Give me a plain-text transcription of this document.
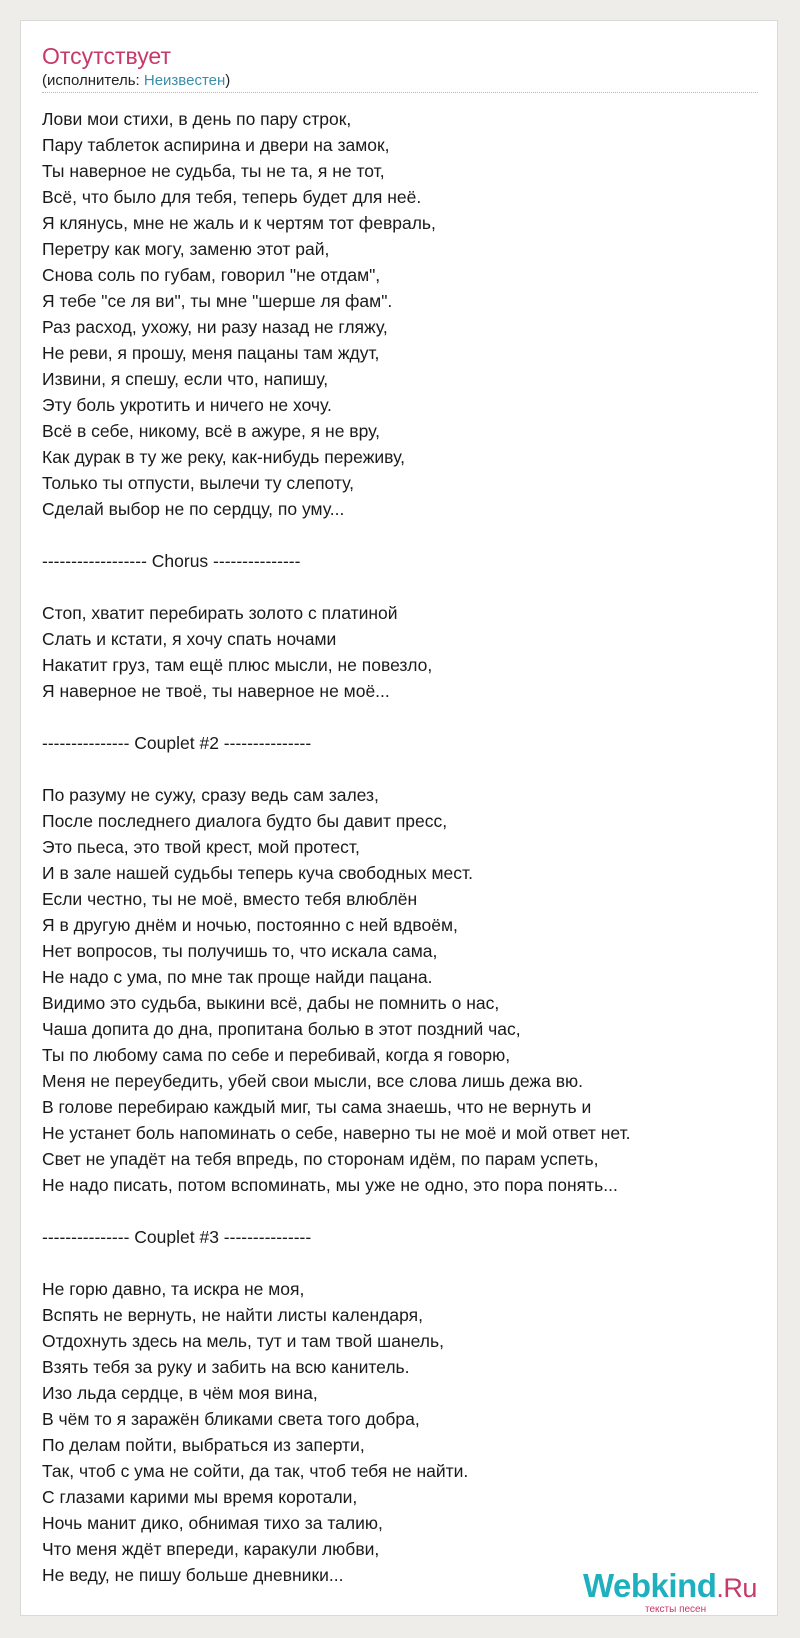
Отсутствует
(исполнитель: Неизвестен)
Лови мои стихи, в день по пару строк,
Пару таблеток аспирина и двери на замок,
Ты наверное не судьба, ты не та, я не тот,
Всё, что было для тебя, теперь будет для неё.
Я клянусь, мне не жаль и к чертям тот февраль,
Перетру как могу, заменю этот рай,
Снова соль по губам, говорил "не отдам",
Я тебе "се ля ви", ты мне "шерше ля фам".
Раз расход, ухожу, ни разу назад не гляжу,
Не реви, я прошу, меня пацаны там ждут,
Извини, я спешу, если что, напишу,
Эту боль укротить и ничего не хочу.
Всё в себе, никому, всё в ажуре, я не вру,
Как дурак в ту же реку, как-нибудь переживу,
Только ты отпусти, вылечи ту слепоту,
Сделай выбор не по сердцу, по уму...
------------------ Chorus ---------------
Стоп, хватит перебирать золото с платиной
Слать и кстати, я хочу спать ночами
Накатит груз, там ещё плюс мысли, не повезло,
Я наверное не твоё, ты наверное не моё...
--------------- Couplet #2 ---------------
По разуму не сужу, сразу ведь сам залез,
После последнего диалога будто бы давит пресс,
Это пьеса, это твой крест, мой протест,
И в зале нашей судьбы теперь куча свободных мест.
Если честно, ты не моё, вместо тебя влюблён
Я в другую днём и ночью, постоянно с ней вдвоём,
Нет вопросов, ты получишь то, что искала сама,
Не надо с ума, по мне так проще найди пацана.
Видимо это судьба, выкини всё, дабы не помнить о нас,
Чаша допита до дна, пропитана болью в этот поздний час,
Ты по любому сама по себе и перебивай, когда я говорю,
Меня не переубедить, убей свои мысли, все слова лишь дежа вю.
В голове перебираю каждый миг, ты сама знаешь, что не вернуть и
Не устанет боль напоминать о себе, наверно ты не моё и мой ответ нет.
Свет не упадёт на тебя впредь, по сторонам идём, по парам успеть,
Не надо писать, потом вспоминать, мы уже не одно, это пора понять...
--------------- Couplet #3 ---------------
Не горю давно, та искра не моя,
Вспять не вернуть, не найти листы календаря,
Отдохнуть здесь на мель, тут и там твой шанель,
Взять тебя за руку и забить на всю канитель.
Изо льда сердце, в чём моя вина,
В чём то я заражён бликами света того добра,
По делам пойти, выбраться из заперти,
Так, чтоб с ума не сойти, да так, чтоб тебя не найти.
С глазами карими мы время коротали,
Ночь манит дико, обнимая тихо за талию,
Что меня ждёт впереди, каракули любви,
Не веду, не пишу больше дневники...	Webkind.Ru
тексты песен
